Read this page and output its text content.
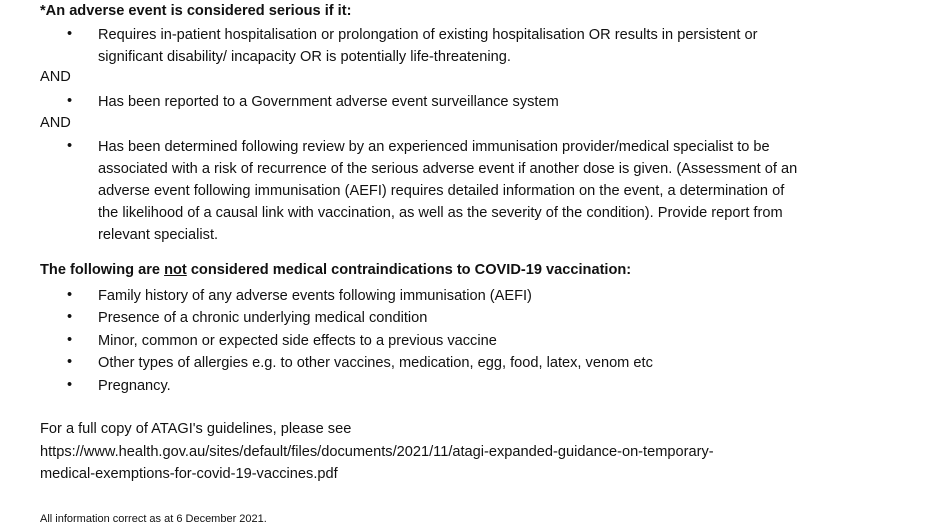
*An adverse event is considered serious if it:
•	Requires in-patient hospitalisation or prolongation of existing hospitalisation OR results in persistent or
significant disability/ incapacity OR is potentially life-threatening.
AND
•	Has been reported to a Government adverse event surveillance system
AND
•	Has been determined following review by an experienced immunisation provider/medical specialist to be
associated with a risk of recurrence of the serious adverse event if another dose is given. (Assessment of an
adverse event following immunisation (AEFI) requires detailed information on the event, a determination of
the likelihood of a causal link with vaccination, as well as the severity of the condition). Provide report from
relevant specialist.
The following are not considered medical contraindications to COVID-19 vaccination:
•	Family history of any adverse events following immunisation (AEFI)
•	Presence of a chronic underlying medical condition
•	Minor, common or expected side effects to a previous vaccine
•	Other types of allergies e.g. to other vaccines, medication, egg, food, latex, venom etc
•	Pregnancy.
For a full copy of ATAGI's guidelines, please see
https://www.health.gov.au/sites/default/files/documents/2021/11/atagi-expanded-guidance-on-temporary-
medical-exemptions-for-covid-19-vaccines.pdf
All information correct as at 6 December 2021.
